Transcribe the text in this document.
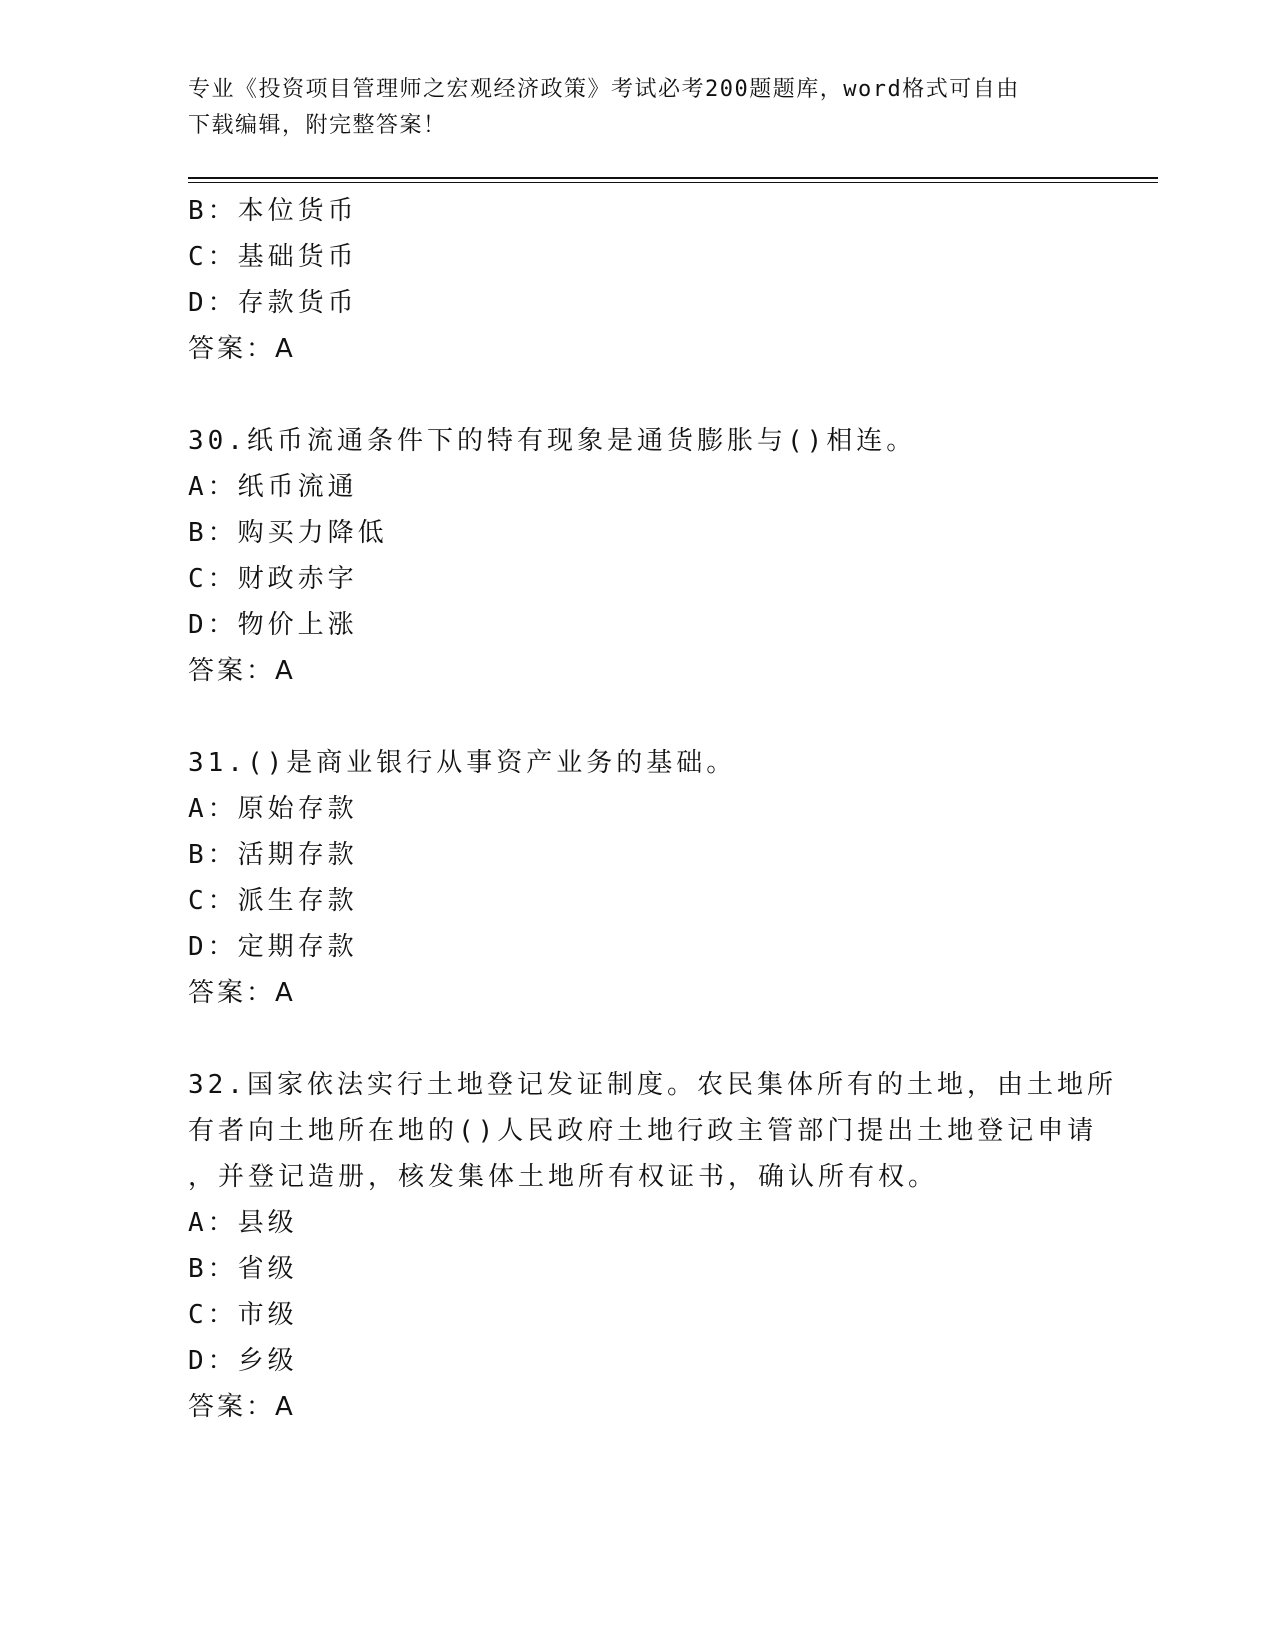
专业《投资项目管理师之宏观经济政策》考试必考200题题库，word格式可自由
下载编辑，附完整答案！
B：本位货币
C：基础货币
D：存款货币
答案：A
30.纸币流通条件下的特有现象是通货膨胀与()相连。
A：纸币流通
B：购买力降低
C：财政赤字
D：物价上涨
答案：A
31.()是商业银行从事资产业务的基础。
A：原始存款
B：活期存款
C：派生存款
D：定期存款
答案：A
32.国家依法实行土地登记发证制度。农民集体所有的土地，由土地所
有者向土地所在地的()人民政府土地行政主管部门提出土地登记申请
，并登记造册，核发集体土地所有权证书，确认所有权。
A：县级
B：省级
C：市级
D：乡级
答案：A
